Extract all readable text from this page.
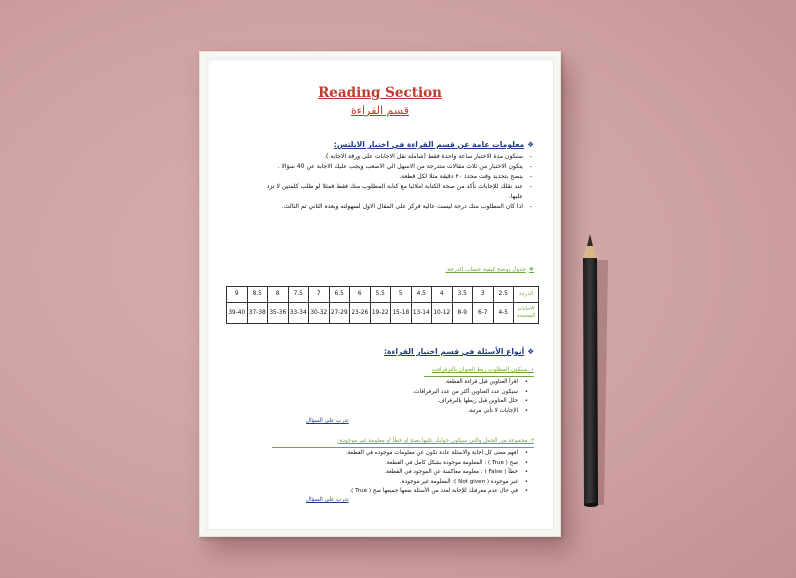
Reading Section
قسم القراءة
❖معلومات عامة عن قسم القراءة في اختبار الايلتس:
- ستكون مدة الاختبار ساعة واحدة فقط (شاملة نقل الاجابات على ورقة الاجابة ).
- يتكون الاختبار من ثلاث مقالات متدرجة من الاسهل الي الاصعب ويجب عليك الاجابة عن 40 سؤالا .
- ينصح بتحديد وقت محدد ٢٠ دقيقة مثلا لكل قطعة.
- عند نقلك للإجابات تأكد من صحة الكتابة املائيا مع كتابة المطلوب منك فقط فمثلا لو طلب كلمتين لا تزد عليها.
- اذا كان المطلوب منك درجة ليست عالية فركز على المقال الاول لسهولته وبعده الثاني ثم الثالث.
❖جدول يوضح كيفية حساب الدرجة:
الدرجة	2.5	3	3.5	4	4.5	5	5.5	6	6.5	7	7.5	8	8.5	9
الاجابات الصحيحة	4-5	6-7	8-9	10-12	13-14	15-18	19-22	23-26	27-29	30-32	33-34	35-36	37-38	39-40
❖أنواع الأسئلة في قسم اختبار القراءة:
١. سيكون المطلوب ربط العنوان بالبرقرافت
• اقرأ العناوين قبل قراءة القطعة.
• سيكون عدد العناوين أكثر من عدد البرقرافات.
• حلل العناوين قبل ربطها بالبرقراف.
• الإجابات لا تأتي مرتبة.
تدرب على السؤال
٢. مجموعة من الجمل والتي سيكون جوابك عليها بصح او خطأ او معلومة غير موجودة:
• افهم معنى كل اجابة والاسئلة عادة تكون عن معلومات موجوده في القطعة.
• صح ( True ) : المعلومة موجودة بشكل كامل في القطعة.
• خطأ ( False ) : معلومة معاكسة عن الموجود في القطعة.
• غير موجودة ( Not given ): المعلومة غير موجودة.
• في حال عدم معرفتك للإجابة لعدد من الأسئلة ضعها جميعها صح ( True ).
تدرب على السؤال
